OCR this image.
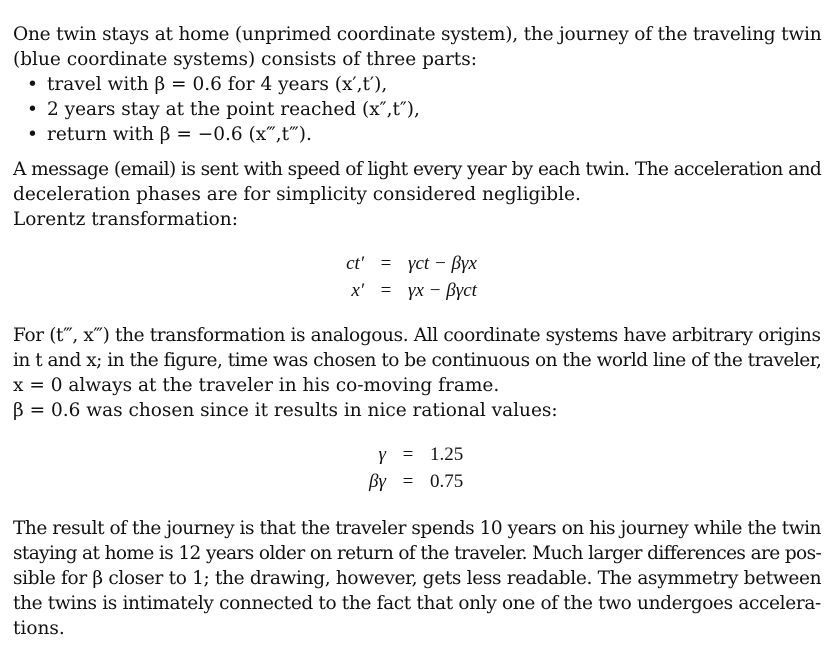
One twin stays at home (unprimed coordinate system), the journey of the traveling twin
(blue coordinate systems) consists of three parts:
• travel with β = 0.6 for 4 years (x′,t′),
• 2 years stay at the point reached (x″,t″),
• return with β = −0.6 (x‴,t‴).
A message (email) is sent with speed of light every year by each twin. The acceleration and
deceleration phases are for simplicity considered negligible.
Lorentz transformation:
ct′	=	γct − βγx
x′	=	γx − βγct
For (t‴, x‴) the transformation is analogous. All coordinate systems have arbitrary origins
in t and x; in the figure, time was chosen to be continuous on the world line of the traveler,
x = 0 always at the traveler in his co-moving frame.
β = 0.6 was chosen since it results in nice rational values:
γ	=	1.25
βγ	=	0.75
The result of the journey is that the traveler spends 10 years on his journey while the twin
staying at home is 12 years older on return of the traveler. Much larger differences are pos-
sible for β closer to 1; the drawing, however, gets less readable. The asymmetry between
the twins is intimately connected to the fact that only one of the two undergoes accelera-
tions.
